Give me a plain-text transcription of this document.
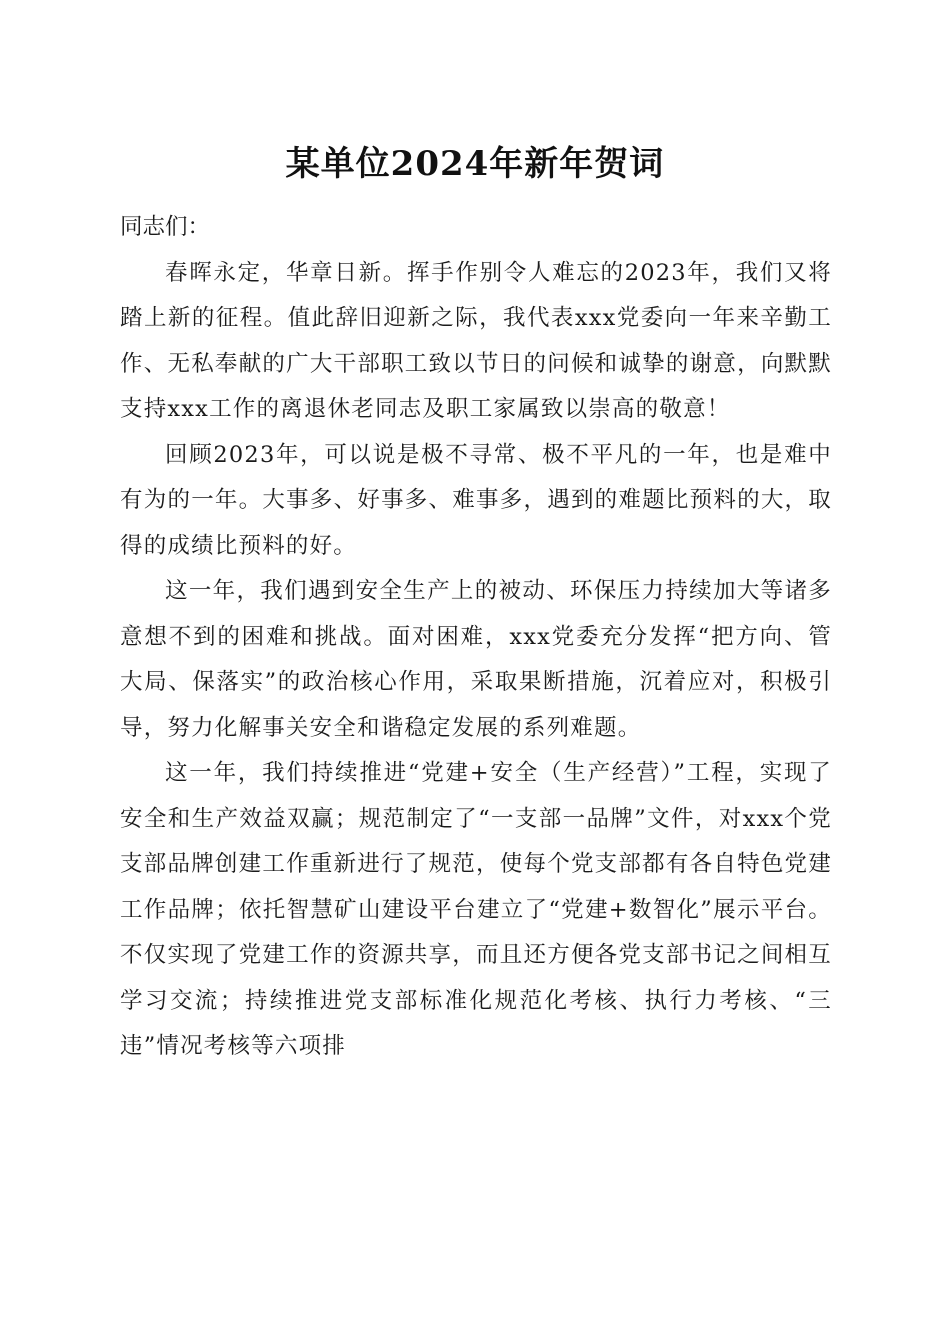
某单位2024年新年贺词

同志们：

春晖永定，华章日新。挥手作别令人难忘的2023年，我们又将踏上新的征程。值此辞旧迎新之际，我代表xxx党委向一年来辛勤工作、无私奉献的广大干部职工致以节日的问候和诚挚的谢意，向默默支持xxx工作的离退休老同志及职工家属致以崇高的敬意！

回顾2023年，可以说是极不寻常、极不平凡的一年，也是难中有为的一年。大事多、好事多、难事多，遇到的难题比预料的大，取得的成绩比预料的好。

这一年，我们遇到安全生产上的被动、环保压力持续加大等诸多意想不到的困难和挑战。面对困难，xxx党委充分发挥“把方向、管大局、保落实”的政治核心作用，采取果断措施，沉着应对，积极引导，努力化解事关安全和谐稳定发展的系列难题。

这一年，我们持续推进“党建+安全（生产经营）”工程，实现了安全和生产效益双赢；规范制定了“一支部一品牌”文件，对xxx个党支部品牌创建工作重新进行了规范，使每个党支部都有各自特色党建工作品牌；依托智慧矿山建设平台建立了“党建+数智化”展示平台。不仅实现了党建工作的资源共享，而且还方便各党支部书记之间相互学习交流；持续推进党支部标准化规范化考核、执行力考核、“三违”情况考核等六项排
